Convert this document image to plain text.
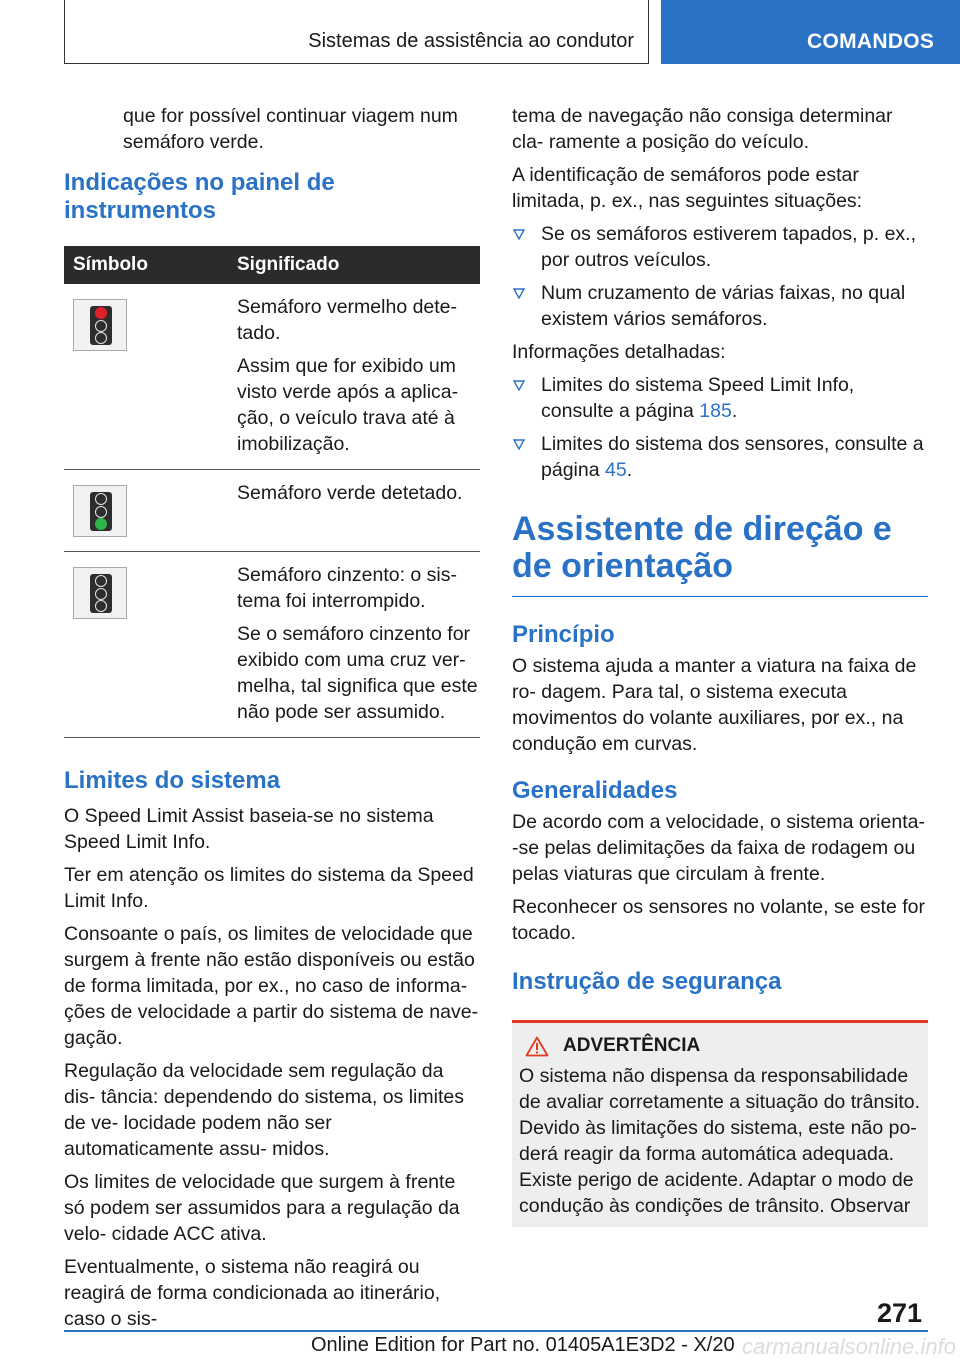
Sistemas de assistência ao condutor	COMANDOS

que for possível continuar viagem num semáforo verde.

Indicações no painel de instrumentos
Símbolo	Significado

Semáforo vermelho dete- tado.

Assim que for exibido um visto verde após a aplica- ção, o veículo trava até à imobilização.

Semáforo verde detetado.

Semáforo cinzento: o sis- tema foi interrompido.

Se o semáforo cinzento for exibido com uma cruz ver- melha, tal significa que este não pode ser assumido.

Limites do sistema

O Speed Limit Assist baseia-se no sistema Speed Limit Info.

Ter em atenção os limites do sistema da Speed Limit Info.

Consoante o país, os limites de velocidade que surgem à frente não estão disponíveis ou estão de forma limitada, por ex., no caso de informa- ções de velocidade a partir do sistema de nave- gação.

Regulação da velocidade sem regulação da dis- tância: dependendo do sistema, os limites de ve- locidade podem não ser automaticamente assu- midos.

Os limites de velocidade que surgem à frente só podem ser assumidos para a regulação da velo- cidade ACC ativa.

Eventualmente, o sistema não reagirá ou reagirá de forma condicionada ao itinerário, caso o sis-

tema de navegação não consiga determinar cla- ramente a posição do veículo.

A identificação de semáforos pode estar limitada, p. ex., nas seguintes situações:

Se os semáforos estiverem tapados, p. ex., por outros veículos.
Num cruzamento de várias faixas, no qual existem vários semáforos.

Informações detalhadas:

Limites do sistema Speed Limit Info, consulte a página 185.
Limites do sistema dos sensores, consulte a página 45.
Assistente de direção e de orientação
Princípio

O sistema ajuda a manter a viatura na faixa de ro- dagem. Para tal, o sistema executa movimentos do volante auxiliares, por ex., na condução em curvas.

Generalidades

De acordo com a velocidade, o sistema orienta- -se pelas delimitações da faixa de rodagem ou pelas viaturas que circulam à frente.

Reconhecer os sensores no volante, se este for tocado.

Instrução de segurança
ADVERTÊNCIA

O sistema não dispensa da responsabilidade de avaliar corretamente a situação do trânsito. Devido às limitações do sistema, este não po- derá reagir da forma automática adequada. Existe perigo de acidente. Adaptar o modo de condução às condições de trânsito. Observar

271
Online Edition for Part no. 01405A1E3D2 - X/20 carmanualsonline.info
